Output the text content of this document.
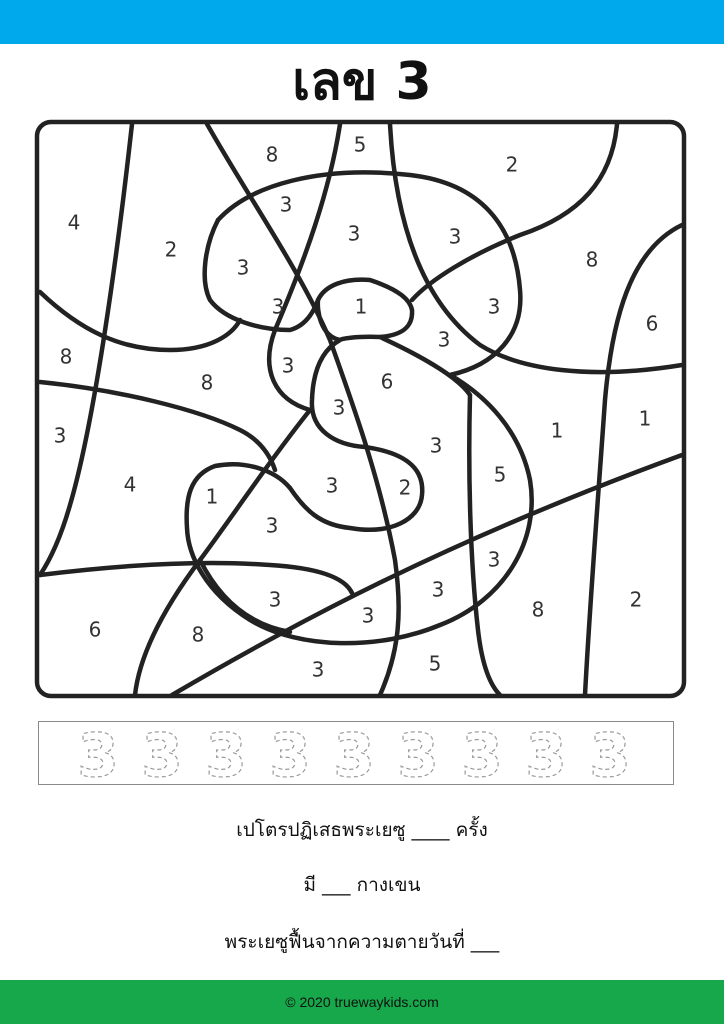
เลข 3
8	5
2
4
3
2
3	3
3	8
3	1	3
6
3
8	3
8	6
3
3	1	1
3
4	5
3	2
1
3
3
3	3
8	2
6	8
3
3	5
3 3 3 3 3 3 3 3 3
เปโตรปฏิเสธพระเยซู ____ ครั้ง
มี ___ กางเขน
พระเยซูฟื้นจากความตายวันที่ ___
© 2020 truewaykids.com
